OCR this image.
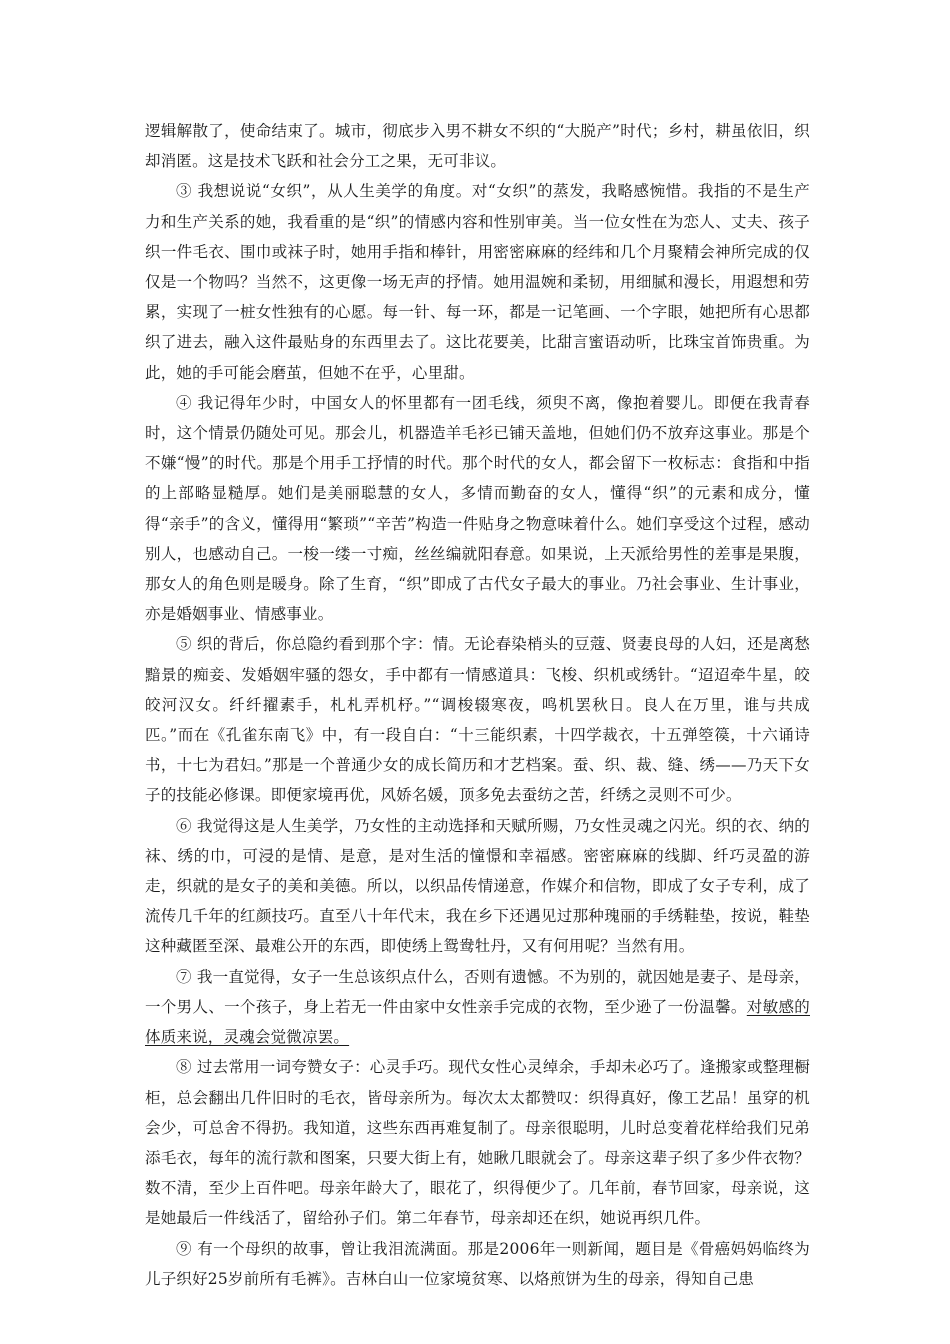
逻辑解散了，使命结束了。城市，彻底步入男不耕女不织的“大脱产”时代；乡村，耕虽依旧，织却消匿。这是技术飞跃和社会分工之果，无可非议。

③ 我想说说“女织”，从人生美学的角度。对“女织”的蒸发，我略感惋惜。我指的不是生产力和生产关系的她，我看重的是“织”的情感内容和性别审美。当一位女性在为恋人、丈夫、孩子织一件毛衣、围巾或袜子时，她用手指和棒针，用密密麻麻的经纬和几个月聚精会神所完成的仅仅是一个物吗？当然不，这更像一场无声的抒情。她用温婉和柔韧，用细腻和漫长，用遐想和劳累，实现了一桩女性独有的心愿。每一针、每一环，都是一记笔画、一个字眼，她把所有心思都织了进去，融入这件最贴身的东西里去了。这比花要美，比甜言蜜语动听，比珠宝首饰贵重。为此，她的手可能会磨茧，但她不在乎，心里甜。

④ 我记得年少时，中国女人的怀里都有一团毛线，须臾不离，像抱着婴儿。即便在我青春时，这个情景仍随处可见。那会儿，机器造羊毛衫已铺天盖地，但她们仍不放弃这事业。那是个不嫌“慢”的时代。那是个用手工抒情的时代。那个时代的女人，都会留下一枚标志：食指和中指的上部略显糙厚。她们是美丽聪慧的女人，多情而勤奋的女人，懂得“织”的元素和成分，懂得“亲手”的含义，懂得用“繁琐”“辛苦”构造一件贴身之物意味着什么。她们享受这个过程，感动别人，也感动自己。一梭一缕一寸痴，丝丝编就阳春意。如果说，上天派给男性的差事是果腹，那女人的角色则是暖身。除了生育，“织”即成了古代女子最大的事业。乃社会事业、生计事业，亦是婚姻事业、情感事业。

⑤ 织的背后，你总隐约看到那个字：情。无论春染梢头的豆蔻、贤妻良母的人妇，还是离愁黯景的痴妾、发婚姻牢骚的怨女，手中都有一情感道具：飞梭、织机或绣针。“迢迢牵牛星，皎皎河汉女。纤纤擢素手，札札弄机杼。”“调梭辍寒夜，鸣机罢秋日。良人在万里，谁与共成匹。”而在《孔雀东南飞》中，有一段自白：“十三能织素，十四学裁衣，十五弹箜篌，十六诵诗书，十七为君妇。”那是一个普通少女的成长简历和才艺档案。蚕、织、裁、缝、绣——乃天下女子的技能必修课。即便家境再优，风娇名媛，顶多免去蚕纺之苦，纤绣之灵则不可少。

⑥ 我觉得这是人生美学，乃女性的主动选择和天赋所赐，乃女性灵魂之闪光。织的衣、纳的袜、绣的巾，可浸的是情、是意，是对生活的憧憬和幸福感。密密麻麻的线脚、纤巧灵盈的游走，织就的是女子的美和美德。所以，以织品传情递意，作媒介和信物，即成了女子专利，成了流传几千年的红颜技巧。直至八十年代末，我在乡下还遇见过那种瑰丽的手绣鞋垫，按说，鞋垫这种藏匿至深、最难公开的东西，即使绣上鸳鸯牡丹，又有何用呢？当然有用。

⑦ 我一直觉得，女子一生总该织点什么，否则有遗憾。不为别的，就因她是妻子、是母亲，一个男人、一个孩子，身上若无一件由家中女性亲手完成的衣物，至少逊了一份温馨。对敏感的体质来说，灵魂会觉微凉罢。

⑧ 过去常用一词夸赞女子：心灵手巧。现代女性心灵绰余，手却未必巧了。逢搬家或整理橱柜，总会翻出几件旧时的毛衣，皆母亲所为。每次太太都赞叹：织得真好，像工艺品！虽穿的机会少，可总舍不得扔。我知道，这些东西再难复制了。母亲很聪明，儿时总变着花样给我们兄弟添毛衣，每年的流行款和图案，只要大街上有，她瞅几眼就会了。母亲这辈子织了多少件衣物？数不清，至少上百件吧。母亲年龄大了，眼花了，织得便少了。几年前，春节回家，母亲说，这是她最后一件线活了，留给孙子们。第二年春节，母亲却还在织，她说再织几件。

⑨ 有一个母织的故事，曾让我泪流满面。那是2006年一则新闻，题目是《骨癌妈妈临终为儿子织好25岁前所有毛裤》。吉林白山一位家境贫寒、以烙煎饼为生的母亲，得知自己患
